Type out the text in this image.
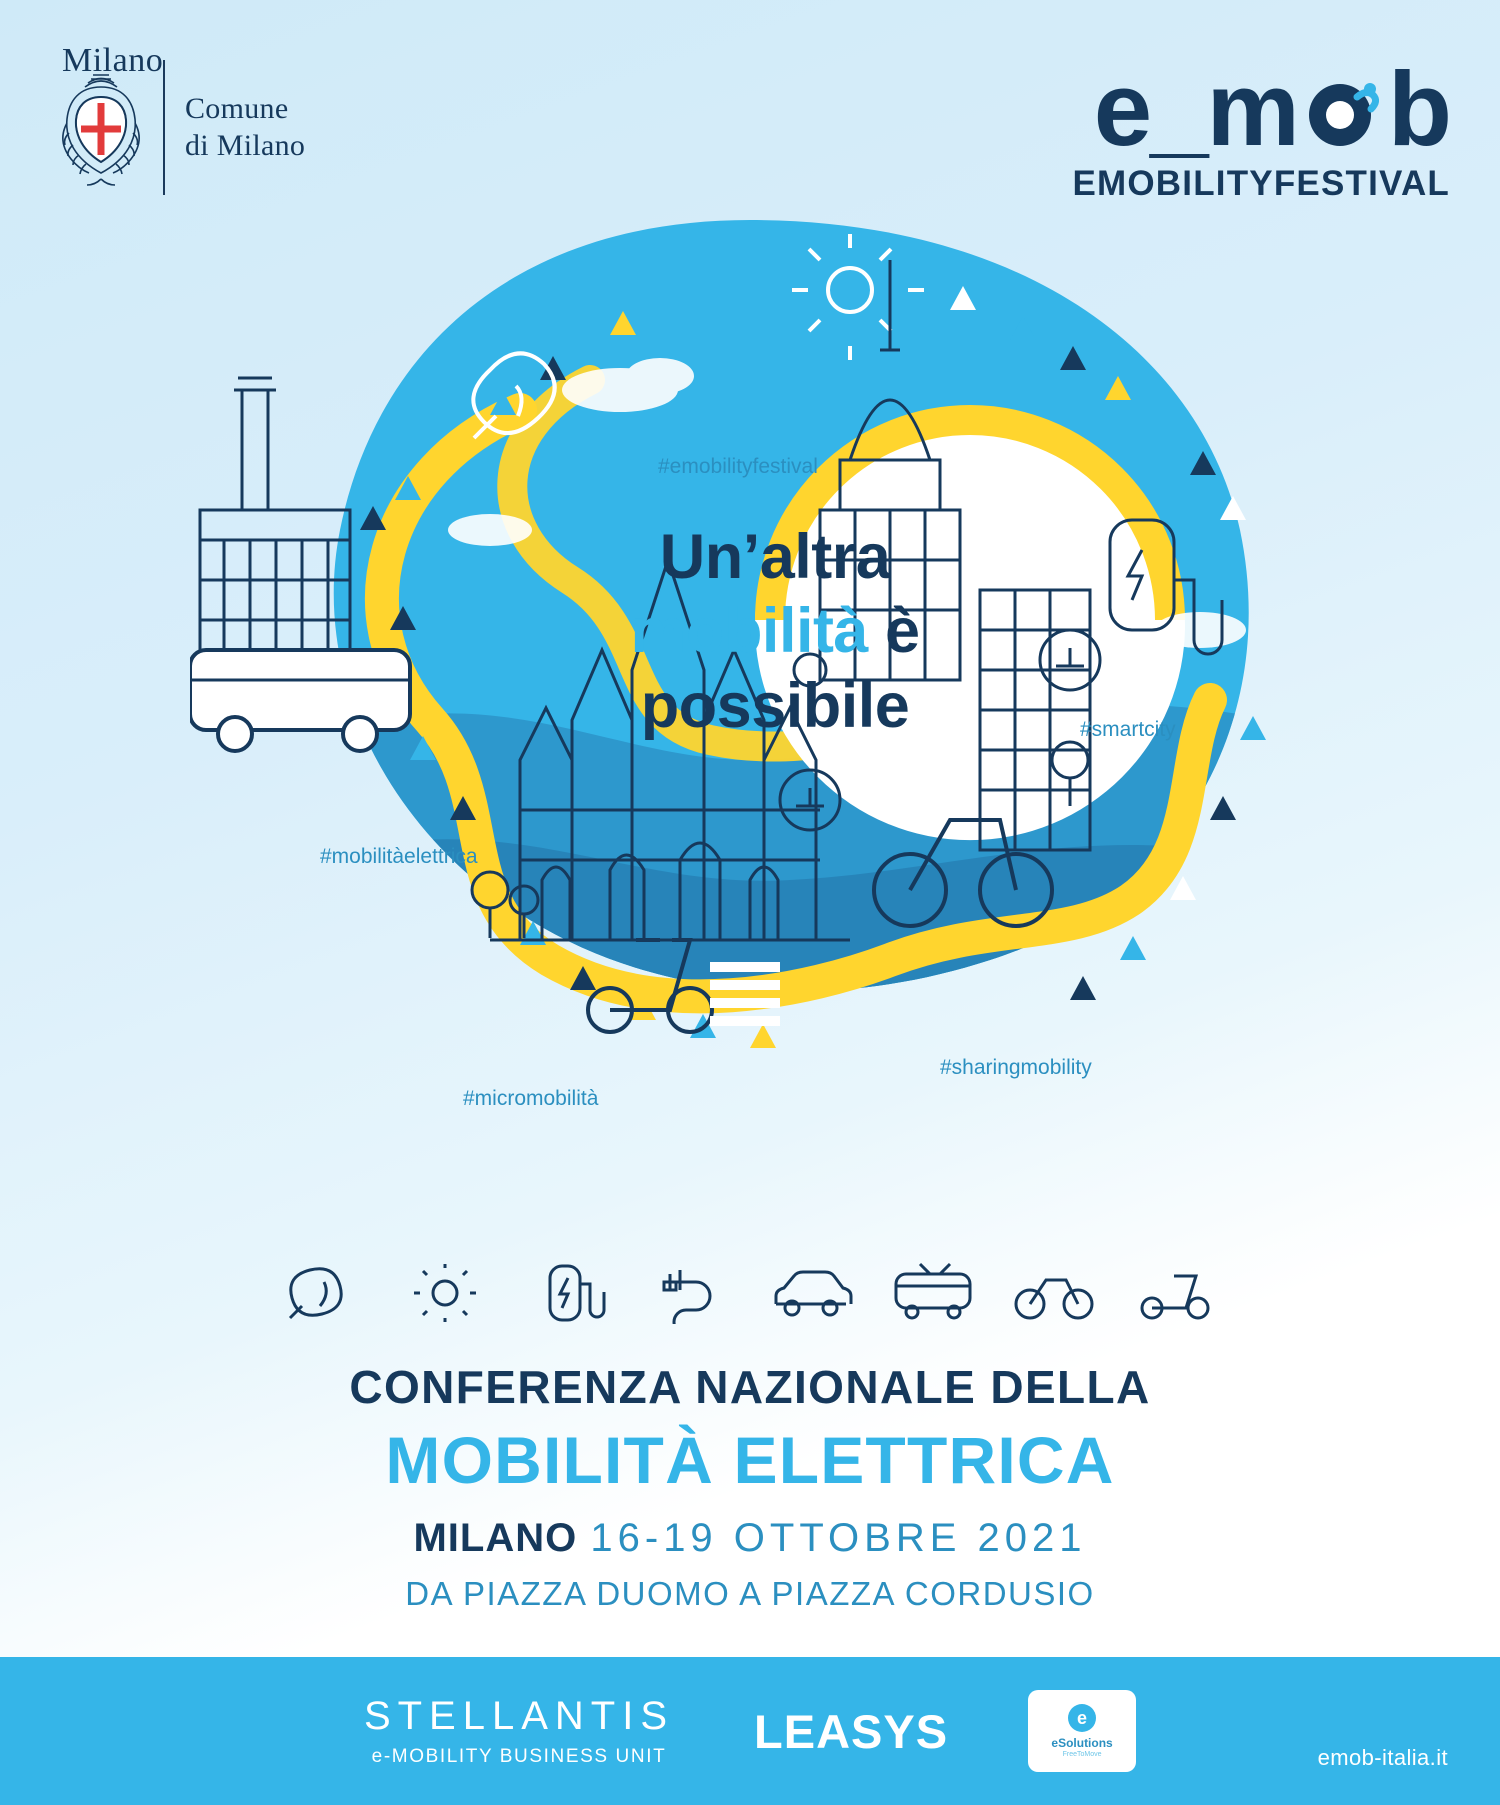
Comune
di Milano
Milano	e_m b
EMOBILITYFESTIVAL
Un’altra
mobilità è
possibile
#emobilityfestival
#mobilitàelettrica
#smartcity
#sharingmobility
#micromobilità
CONFERENZA NAZIONALE DELLA
MOBILITÀ ELETTRICA
MILANO 16-19 OTTOBRE 2021
DA PIAZZA DUOMO A PIAZZA CORDUSIO
STELLANTIS
e-MOBILITY BUSINESS UNIT LEASYS	e
eSolutions
FreeToMove	emob-italia.it
